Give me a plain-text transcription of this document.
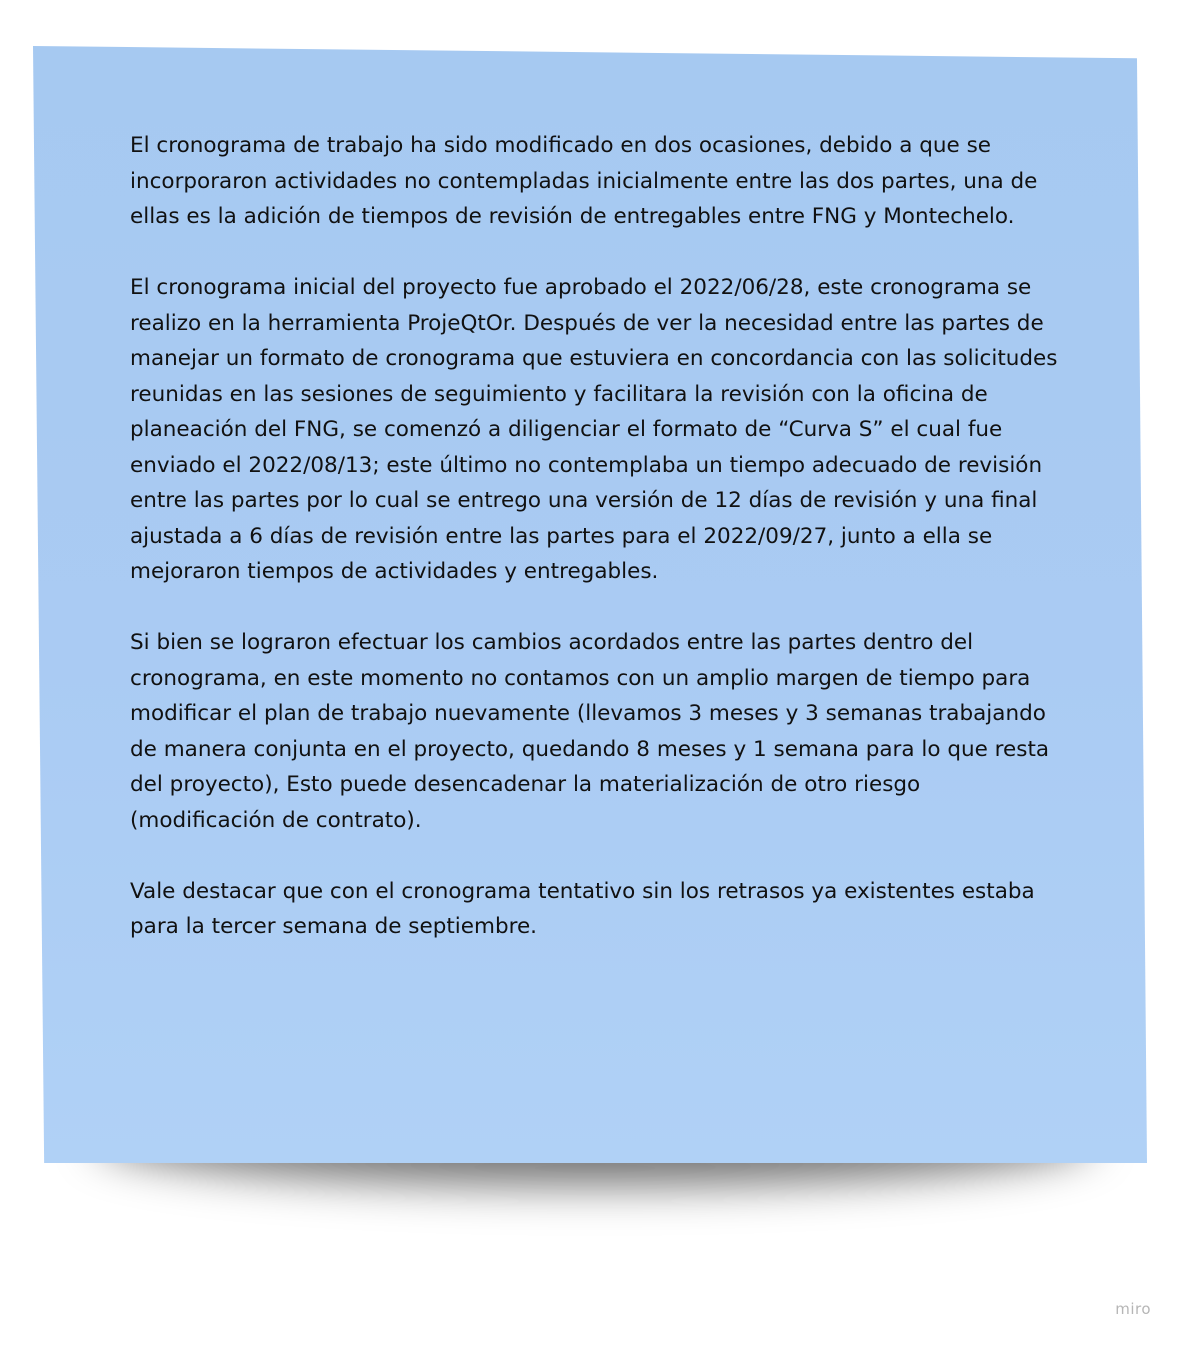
El cronograma de trabajo ha sido modificado en dos ocasiones, debido a que se incorporaron actividades no contempladas inicialmente entre las dos partes, una de ellas es la adición de tiempos de revisión de entregables entre FNG y Montechelo.

El cronograma inicial del proyecto fue aprobado el 2022/06/28, este cronograma se realizo en la herramienta ProjeQtOr. Después de ver la necesidad entre las partes de manejar un formato de cronograma que estuviera en concordancia con las solicitudes reunidas en las sesiones de seguimiento y facilitara la revisión con la oficina de planeación del FNG, se comenzó a diligenciar el formato de “Curva S” el cual fue enviado el 2022/08/13; este último no contemplaba un tiempo adecuado de revisión entre las partes por lo cual se entrego una versión de 12 días de revisión y una final ajustada a 6 días de revisión entre las partes para el 2022/09/27, junto a ella se mejoraron tiempos de actividades y entregables.

Si bien se lograron efectuar los cambios acordados entre las partes dentro del cronograma, en este momento no contamos con un amplio margen de tiempo para modificar el plan de trabajo nuevamente (llevamos 3 meses y 3 semanas trabajando de manera conjunta en el proyecto, quedando 8 meses y 1 semana para lo que resta del proyecto), Esto puede desencadenar la materialización de otro riesgo (modificación de contrato).

Vale destacar que con el cronograma tentativo sin los retrasos ya existentes estaba para la tercer semana de septiembre.

miro
